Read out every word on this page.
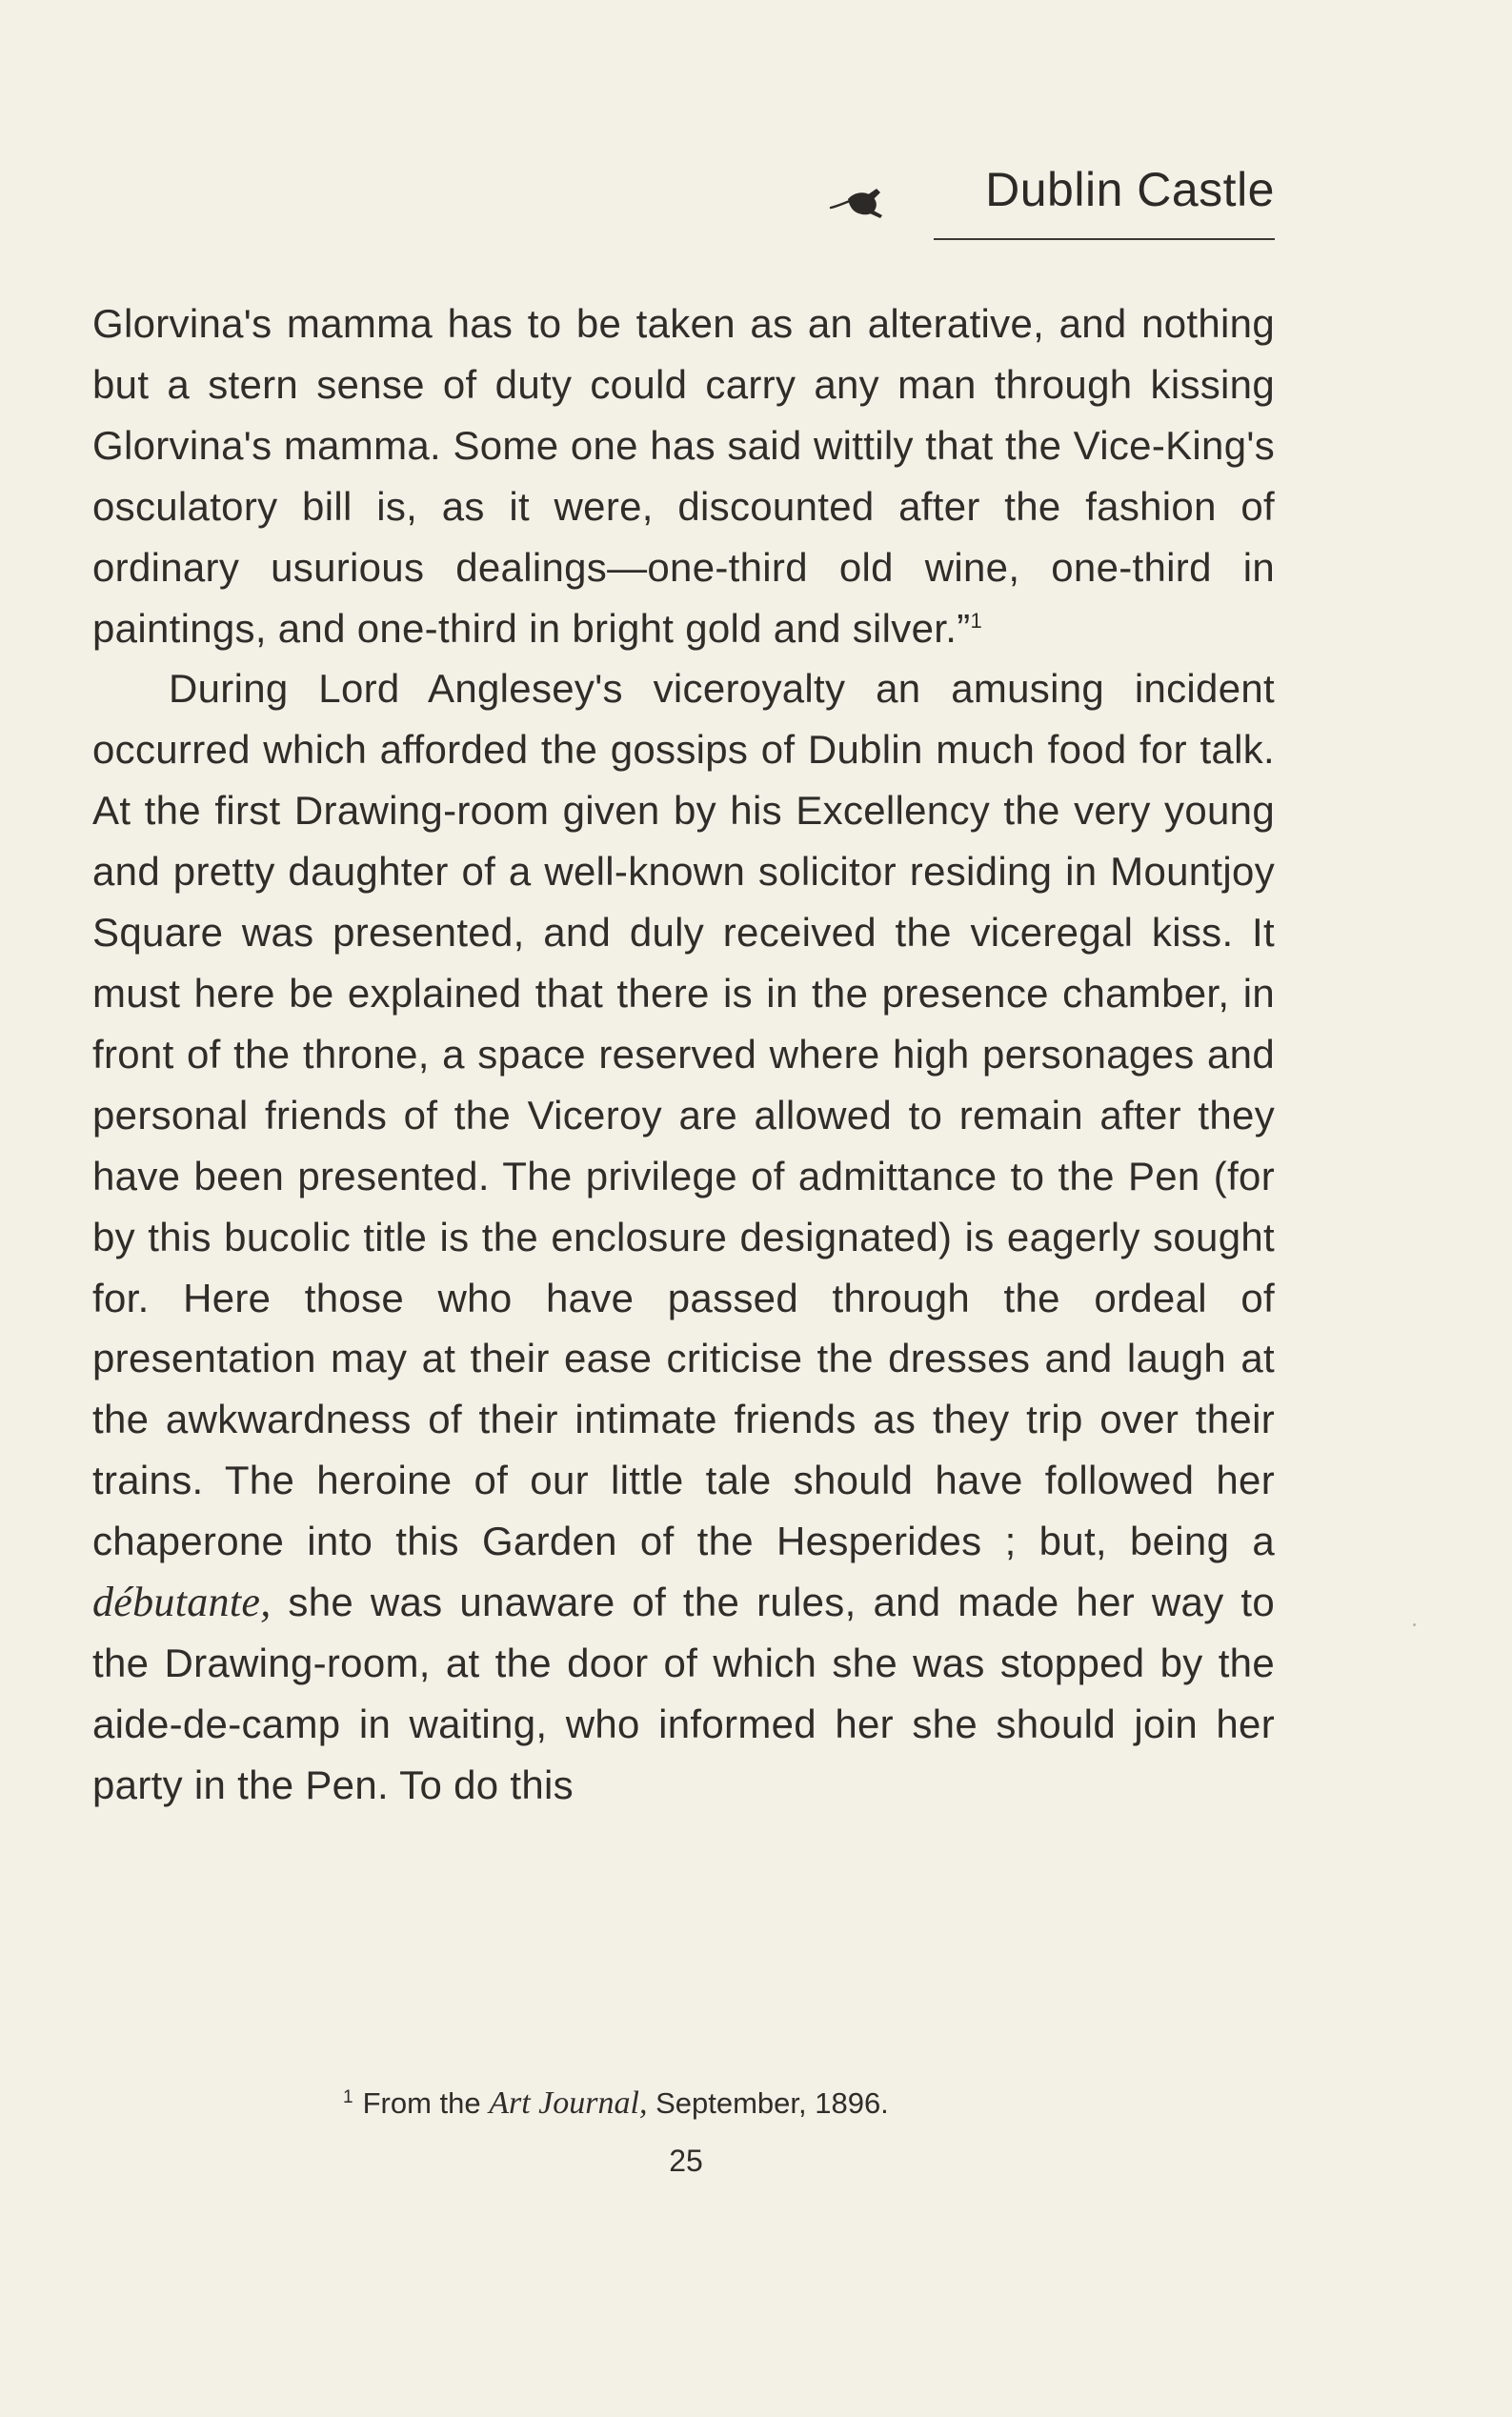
Dublin Castle

Glorvina's mamma has to be taken as an alterative, and nothing but a stern sense of duty could carry any man through kissing Glorvina's mamma. Some one has said wittily that the Vice-King's osculatory bill is, as it were, discounted after the fashion of ordinary usurious dealings—one-third old wine, one-third in paintings, and one-third in bright gold and silver.”$^1$

During Lord Anglesey's viceroyalty an amusing incident occurred which afforded the gossips of Dublin much food for talk. At the first Drawing-room given by his Excellency the very young and pretty daughter of a well-known solicitor residing in Mountjoy Square was presented, and duly received the viceregal kiss. It must here be explained that there is in the presence chamber, in front of the throne, a space reserved where high personages and personal friends of the Viceroy are allowed to remain after they have been presented. The privilege of admittance to the Pen (for by this bucolic title is the enclosure designated) is eagerly sought for. Here those who have passed through the ordeal of presentation may at their ease criticise the dresses and laugh at the awkwardness of their intimate friends as they trip over their trains. The heroine of our little tale should have followed her chaperone into this Garden of the Hesperides ; but, being a débutante, she was unaware of the rules, and made her way to the Drawing-room, at the door of which she was stopped by the aide-de-camp in waiting, who informed her she should join her party in the Pen. To do this

$^1$ From the Art Journal, September, 1896.
25
